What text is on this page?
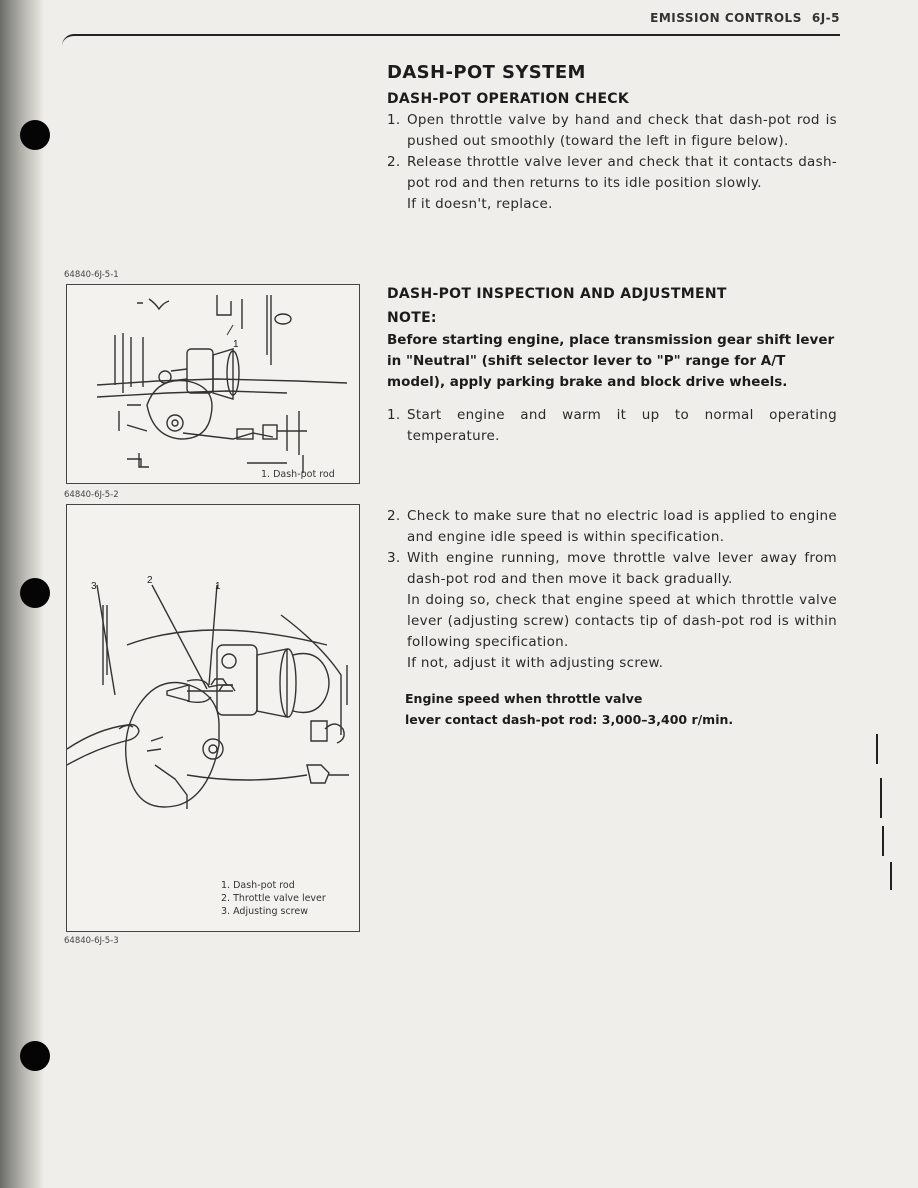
EMISSION CONTROLS 6J-5
DASH-POT SYSTEM
DASH-POT OPERATION CHECK
1. Open throttle valve by hand and check that dash-pot rod is pushed out smoothly (toward the left in figure below).

2. Release throttle valve lever and check that it contacts dash-pot rod and then returns to its idle position slowly.

If it doesn't, replace.

DASH-POT INSPECTION AND ADJUSTMENT
NOTE:

Before starting engine, place transmission gear shift lever in "Neutral" (shift selector lever to "P" range for A/T model), apply parking brake and block drive wheels.

1. Start engine and warm it up to normal operating temperature.

2. Check to make sure that no electric load is applied to engine and engine idle speed is within specification.

3. With engine running, move throttle valve lever away from dash-pot rod and then move it back gradually.

In doing so, check that engine speed at which throttle valve lever (adjusting screw) contacts tip of dash-pot rod is within following specification.

If not, adjust it with adjusting screw.

Engine speed when throttle valve
lever contact dash-pot rod: 3,000–3,400 r/min.
64840-6J-5-1
1
1. Dash-pot rod
64840-6J-5-2
3
2
1
1. Dash-pot rod
2. Throttle valve lever
3. Adjusting screw
64840-6J-5-3
